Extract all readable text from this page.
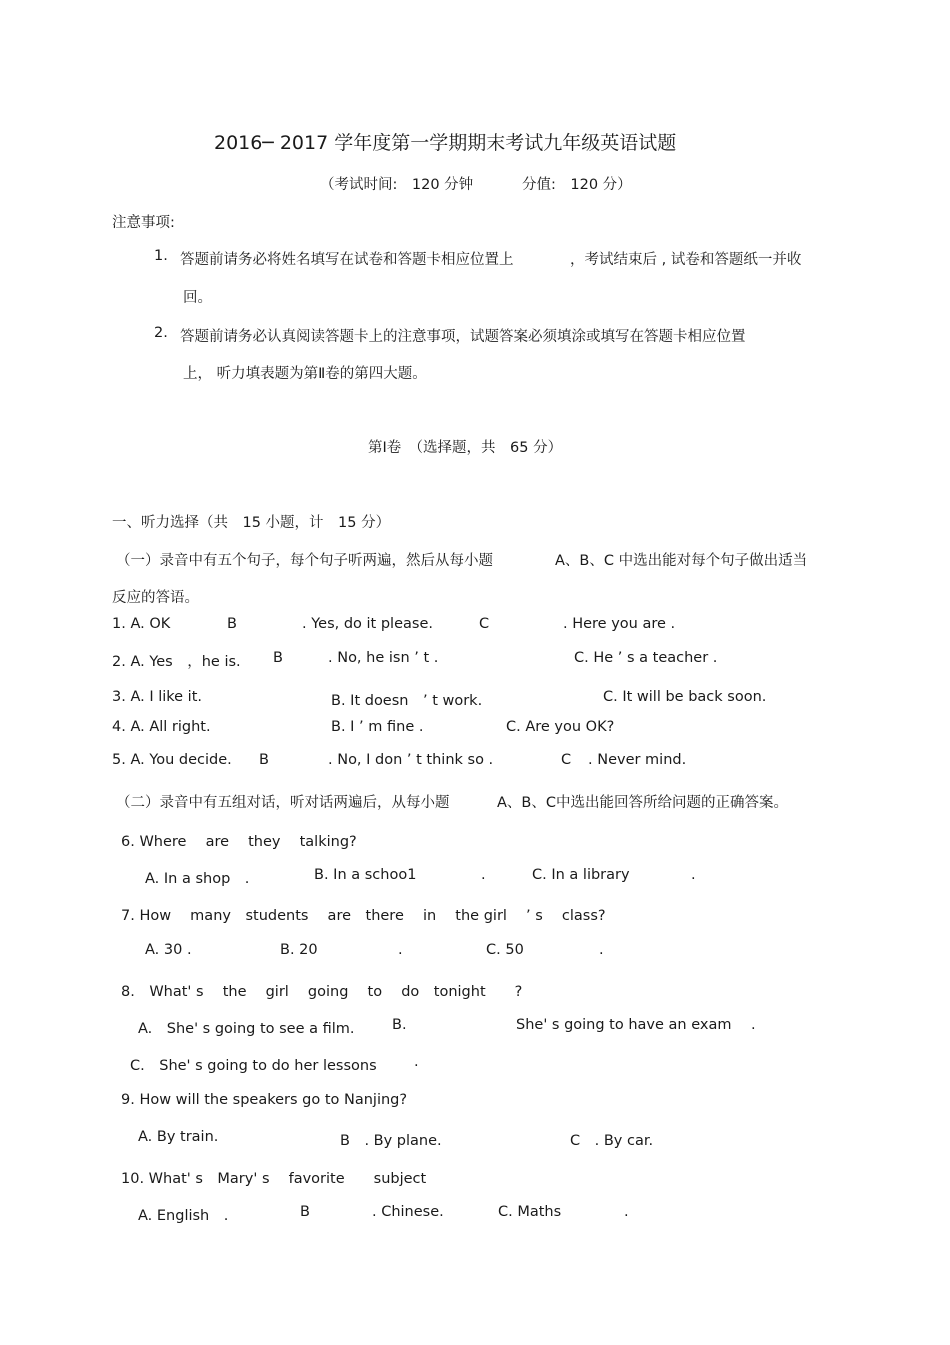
2016─ 2017 学年度第一学期期末考试九年级英语试题
（考试时间:　120 分钟	分值:　120 分）
注意事项:
1. 答题前请务必将姓名填写在试卷和答题卡相应位置上	，考试结束后 , 试卷和答题纸一并收
回。
2. 答题前请务必认真阅读答题卡上的注意事项，试题答案必须填涂或填写在答题卡相应位置
上， 听力填表题为第Ⅱ卷的第四大题。
第Ⅰ卷　（选择题，共　65 分）
一、听力选择（共　15 小题，计　15 分）
（一）录音中有五个句子，每个句子听两遍，然后从每小题	A、B、C 中选出能对每个句子做出适当
反应的答语。
1. A. OK	B	. Yes, do it please.	C	. Here you are .
2. A. Yes　，he is. B	. No, he isn ’ t .	C. He ’ s a teacher .
3. A. I like it.	B. It doesn　’ t work.	C. It will be back soon.
4. A. All right.	B. I ’ m fine .	C. Are you OK?
5. A. You decide. B	. No, I don ’ t think so .	C . Never mind.
（二）录音中有五组对话，听对话两遍后，从每小题	A、B、C中选出能回答所给问题的正确答案。
6. Where　 are　 they　 talking?
A. In a shop　.	B. In a schoo1	.	C. In a library	.
7. How　 many　students　 are　there　 in　 the girl　 ’ s　 class?
A. 30 .	B. 20	.	C. 50	.
8.　What' s　 the　 girl　 going　 to　 do　tonight　　?
A.　She' s going to see a film.	B.	She' s going to have an exam .
C.　She' s going to do her lessons	.
9. How will the speakers go to Nanjing?
A. By train.	B　. By plane.	C　. By car.
10. What' s　Mary' s　 favorite　　subject
A. English　.	B	. Chinese.	C. Maths	.
